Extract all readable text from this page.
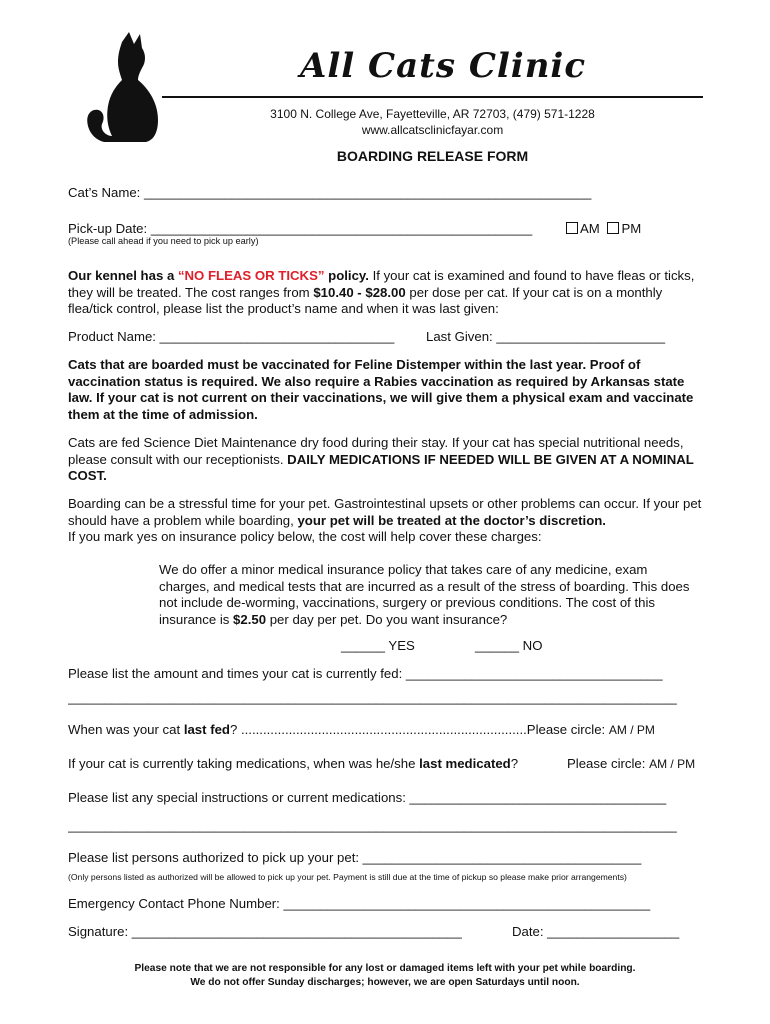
All Cats Clinic
3100 N. College Ave, Fayetteville, AR 72703, (479) 571-1228
www.allcatsclinicfayar.com
BOARDING RELEASE FORM
Cat’s Name: _____________________________________________________________
Pick-up Date: ____________________________________________________	AM PM
(Please call ahead if you need to pick up early)
Our kennel has a “NO FLEAS OR TICKS” policy. If your cat is examined and found to have fleas or ticks, they will be treated. The cost ranges from $10.40 - $28.00 per dose per cat. If your cat is on a monthly flea/tick control, please list the product’s name and when it was last given:
Product Name: ________________________________ Last Given: _______________________
Cats that are boarded must be vaccinated for Feline Distemper within the last year. Proof of vaccination status is required. We also require a Rabies vaccination as required by Arkansas state law. If your cat is not current on their vaccinations, we will give them a physical exam and vaccinate them at the time of admission.
Cats are fed Science Diet Maintenance dry food during their stay. If your cat has special nutritional needs, please consult with our receptionists. DAILY MEDICATIONS IF NEEDED WILL BE GIVEN AT A NOMINAL COST.
Boarding can be a stressful time for your pet. Gastrointestinal upsets or other problems can occur. If your pet should have a problem while boarding, your pet will be treated at the doctor’s discretion.
If you mark yes on insurance policy below, the cost will help cover these charges:
We do offer a minor medical insurance policy that takes care of any medicine, exam charges, and medical tests that are incurred as a result of the stress of boarding. This does not include de-worming, vaccinations, surgery or previous conditions. The cost of this insurance is $2.50 per day per pet. Do you want insurance?
______ YES	______ NO
Please list the amount and times your cat is currently fed: ___________________________________
___________________________________________________________________________________
When was your cat last fed? ..............................................................................Please circle: AM / PM
If your cat is currently taking medications, when was he/she last medicated?	Please circle: AM / PM
Please list any special instructions or current medications: ___________________________________
___________________________________________________________________________________
Please list persons authorized to pick up your pet: ______________________________________
(Only persons listed as authorized will be allowed to pick up your pet. Payment is still due at the time of pickup so please make prior arrangements)
Emergency Contact Phone Number: __________________________________________________
Signature: _____________________________________________	Date: __________________
Please note that we are not responsible for any lost or damaged items left with your pet while boarding.
We do not offer Sunday discharges; however, we are open Saturdays until noon.
